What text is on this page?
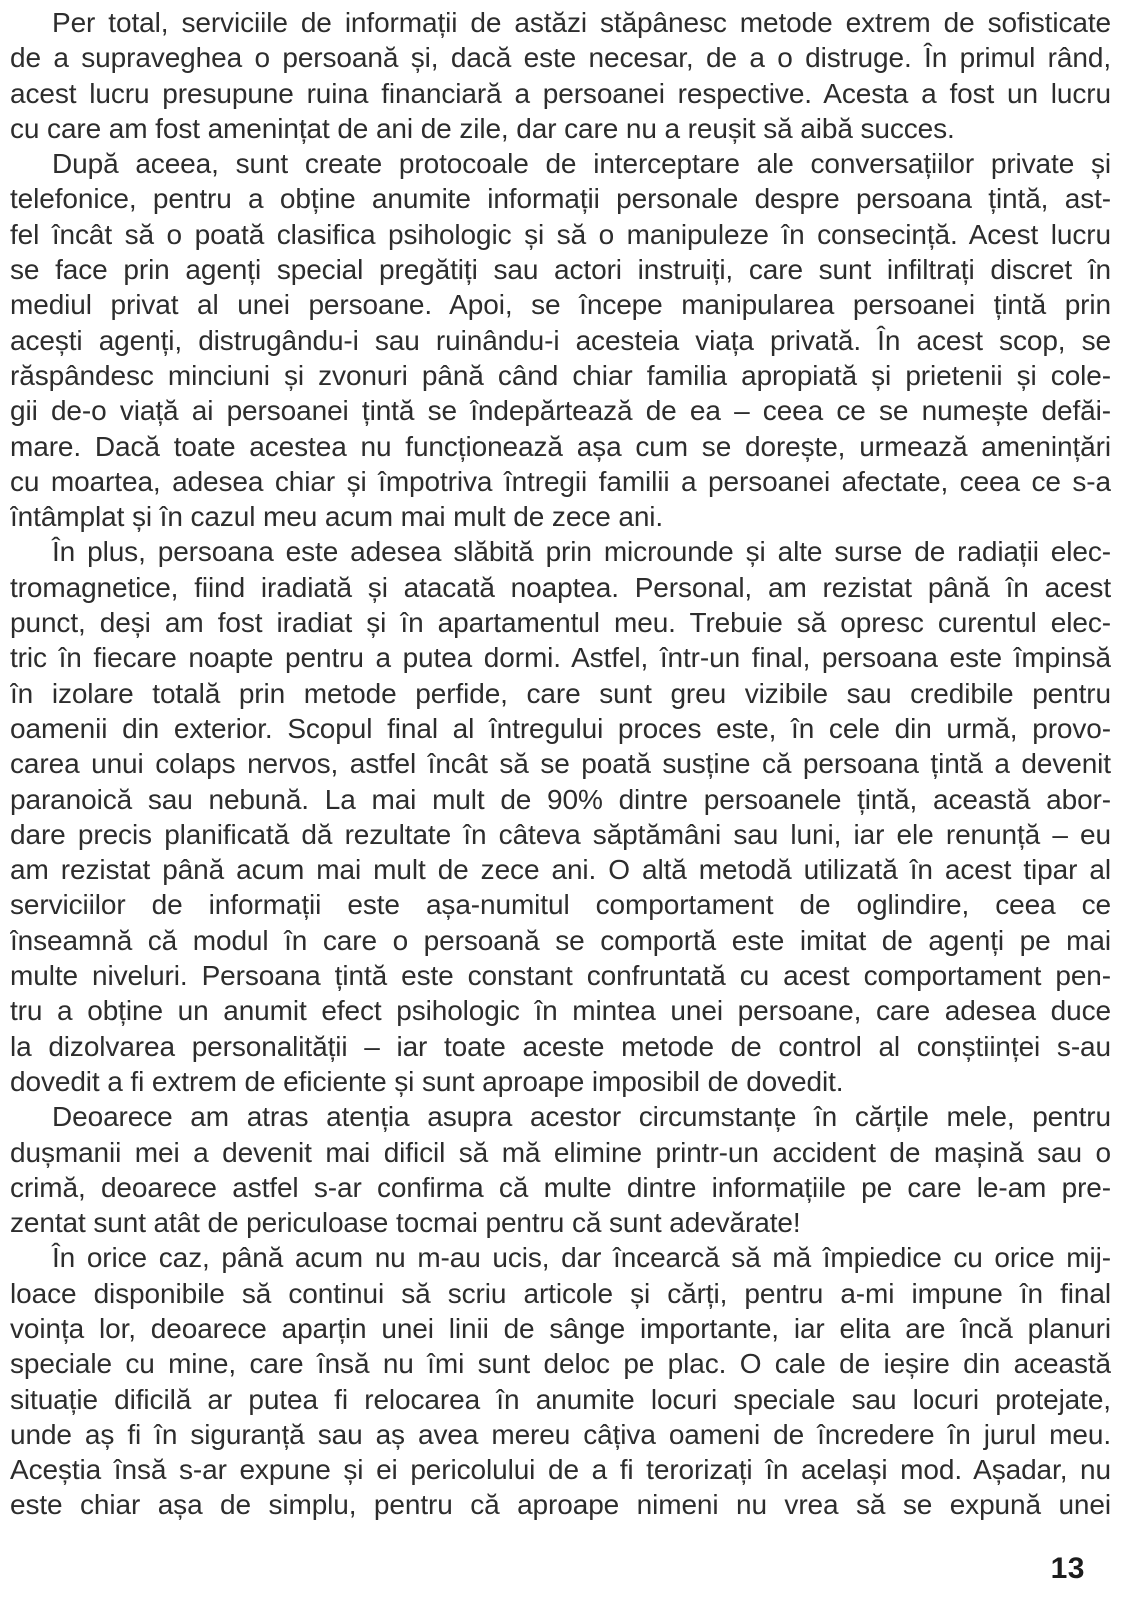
Per total, serviciile de informații de astăzi stăpânesc metode extrem de sofisticate
de a supraveghea o persoană și, dacă este necesar, de a o distruge. În primul rând,
acest lucru presupune ruina financiară a persoanei respective. Acesta a fost un lucru
cu care am fost amenințat de ani de zile, dar care nu a reușit să aibă succes.
După aceea, sunt create protocoale de interceptare ale conversațiilor private și
telefonice, pentru a obține anumite informații personale despre persoana țintă, ast-
fel încât să o poată clasifica psihologic și să o manipuleze în consecință. Acest lucru
se face prin agenți special pregătiți sau actori instruiți, care sunt infiltrați discret în
mediul privat al unei persoane. Apoi, se începe manipularea persoanei țintă prin
acești agenți, distrugându-i sau ruinându-i acesteia viața privată. În acest scop, se
răspândesc minciuni și zvonuri până când chiar familia apropiată și prietenii și cole-
gii de-o viață ai persoanei țintă se îndepărtează de ea – ceea ce se numește defăi-
mare. Dacă toate acestea nu funcționează așa cum se dorește, urmează amenințări
cu moartea, adesea chiar și împotriva întregii familii a persoanei afectate, ceea ce s-a
întâmplat și în cazul meu acum mai mult de zece ani.
În plus, persoana este adesea slăbită prin microunde și alte surse de radiații elec-
tromagnetice, fiind iradiată și atacată noaptea. Personal, am rezistat până în acest
punct, deși am fost iradiat și în apartamentul meu. Trebuie să opresc curentul elec-
tric în fiecare noapte pentru a putea dormi. Astfel, într-un final, persoana este împinsă
în izolare totală prin metode perfide, care sunt greu vizibile sau credibile pentru
oamenii din exterior. Scopul final al întregului proces este, în cele din urmă, provo-
carea unui colaps nervos, astfel încât să se poată susține că persoana țintă a devenit
paranoică sau nebună. La mai mult de 90% dintre persoanele țintă, această abor-
dare precis planificată dă rezultate în câteva săptămâni sau luni, iar ele renunță – eu
am rezistat până acum mai mult de zece ani. O altă metodă utilizată în acest tipar al
serviciilor de informații este așa-numitul comportament de oglindire, ceea ce
înseamnă că modul în care o persoană se comportă este imitat de agenți pe mai
multe niveluri. Persoana țintă este constant confruntată cu acest comportament pen-
tru a obține un anumit efect psihologic în mintea unei persoane, care adesea duce
la dizolvarea personalității – iar toate aceste metode de control al conștiinței s-au
dovedit a fi extrem de eficiente și sunt aproape imposibil de dovedit.
Deoarece am atras atenția asupra acestor circumstanțe în cărțile mele, pentru
dușmanii mei a devenit mai dificil să mă elimine printr-un accident de mașină sau o
crimă, deoarece astfel s-ar confirma că multe dintre informațiile pe care le-am pre-
zentat sunt atât de periculoase tocmai pentru că sunt adevărate!
În orice caz, până acum nu m-au ucis, dar încearcă să mă împiedice cu orice mij-
loace disponibile să continui să scriu articole și cărți, pentru a-mi impune în final
voința lor, deoarece aparțin unei linii de sânge importante, iar elita are încă planuri
speciale cu mine, care însă nu îmi sunt deloc pe plac. O cale de ieșire din această
situație dificilă ar putea fi relocarea în anumite locuri speciale sau locuri protejate,
unde aș fi în siguranță sau aș avea mereu câțiva oameni de încredere în jurul meu.
Aceștia însă s-ar expune și ei pericolului de a fi terorizați în același mod. Așadar, nu
este chiar așa de simplu, pentru că aproape nimeni nu vrea să se expună unei
13
